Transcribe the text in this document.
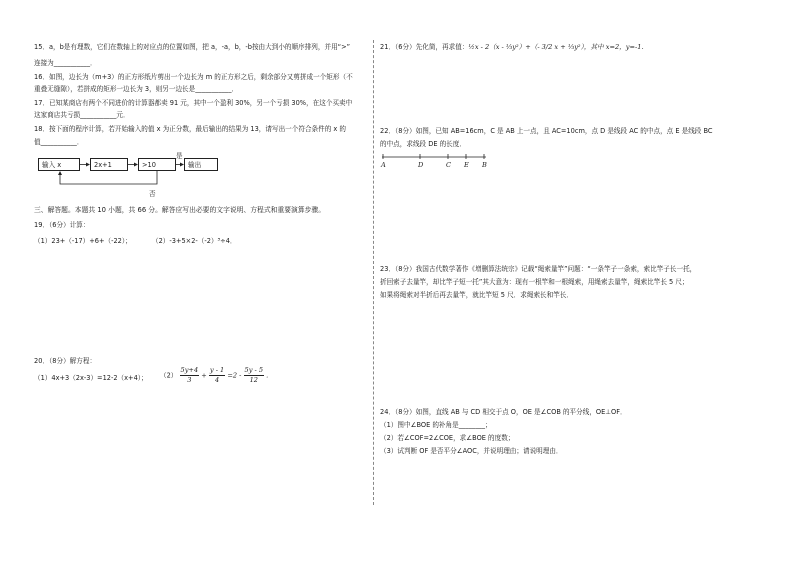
15．a，b是有理数，它们在数轴上的对应点的位置如图，把 a，-a，b，-b按由大到小的顺序排列，并用“>”
连接为___________．
16．如图，边长为（m+3）的正方形纸片剪出一个边长为 m 的正方形之后，剩余部分又剪拼成一个矩形（不
重叠无缝隙），若拼成的矩形一边长为 3，则另一边长是___________．
17．已知某商店有两个不同进价的计算器都卖 91 元，其中一个盈利 30%，另一个亏损 30%，在这个买卖中
这家商店共亏损___________元．
18．按下面的程序计算，若开始输入的值 x 为正分数，最后输出的结果为 13，请写出一个符合条件的 x 的
值___________．
输入 x	2x+1	>10	输出
是
否
三、解答题。本题共 10 小题，共 66 分。解答应写出必要的文字说明、方程式和重要演算步骤。
19．（6分）计算：
（1）23+（-17）+6+（-22）；	（2）-3+5×2-（-2）³÷4．
20．（8分）解方程：
（1）4x+3（2x-3）=12-2（x+4）； $(2) \frac{5y+4}{3} + \frac{y - 1}{4} =2 - \frac{5y - 5}{12}$ .
21．（6分）先化简，再求值：½x - 2（x - ⅓y²）+（- 3/2 x + ⅓y²），其中 x=2，y=-1．
22．（8分）如图，已知 AB=16cm，C 是 AB 上一点，且 AC=10cm，点 D 是线段 AC 的中点，点 E 是线段 BC
的中点，求线段 DE 的长度．
A	D	C E B
23．（8分）我国古代数学著作《增删算法统宗》记载“绳索量竿”问题：“一条竿子一条索，索比竿子长一托，
折回索子去量竿，却比竿子短一托”其大意为：现有一根竿和一根绳索，用绳索去量竿，绳索比竿长 5 尺；
如果将绳索对半折后再去量竿，就比竿短 5 尺．求绳索长和竿长．
24．（8分）如图，直线 AB 与 CD 相交于点 O，OE 是∠COB 的平分线，OE⊥OF．
（1）图中∠BOE 的补角是________；
（2）若∠COF=2∠COE，求∠BOE 的度数；
（3）试判断 OF 是否平分∠AOC，并说明理由；请说明理由．
